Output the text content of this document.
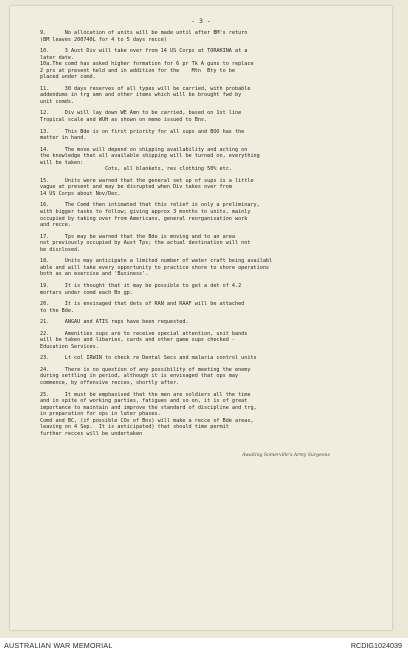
- 3 -
9.      No allocation of units will be made until after BM's return
(BM leaves 200740L for 4 to 5 days recce)
10.     3 Aust Div will take over from 14 US Corps at TORAKINA at a
later date.
10a.The comd has asked higher formation for 6 pr Tk A guns to replace
2 prs at present held and in addition for the    Mtn  Bty to be
placed under comd.
11.     30 days reserves of all types will be carried, with probable
addendums in trg amn and other items which will be brought fwd by
unit comds.
12.     Div will lay down WE Amn to be carried, based on 1st line
Tropical scale and WUH as shown on memo issued to Bns.
13.     This Bde is on first priority for all sups and BOO has the
matter in hand.
14.     The move will depend on shipping availability and acting on
the knowledge that all available shipping will be turned on, everything
will be taken:
Cots, all blankets, res clothing 50% etc.
15.     Units were warned that the general set up of sups is a little
vague at present and may be disrupted when Div takes over from
14 US Corps about Nov/Dec.
16.     The Comd then intimated that this relief is only a preliminary,
with bigger tasks to follow; giving approx 3 months to units, mainly
occupied by taking over from Americans, general reorganisation work
and recce.
17.     Tps may be warned that the Bde is moving and to an area
not previously occupied by Aust Tps; the actual destination will not
be disclosed.
18.     Units may anticipate a limited number of water craft being availabl
able and will take every opportunity to practice shore to shore operations
both as an exercise and 'Business'.
19.     It is thought that it may be possible to get a det of 4.2
mortars under comd each Bn gp.
20.     It is envisaged that dets of RAN and RAAF will be attached
to the Bde.
21.     ANGAU and ATIS reps have been requested.
22.     Amenities sups are to receive special attention, unit bands
will be taken and libaries, cards and other game sups checked -
Education Services.
23.     Lt col IRWIN to check re Dental Secs and malaria control units
24.     There is no question of any possibility of meeting the enemy
during settling in period, although it is envisaged that ops may
commence, by offensive recces, shortly after.
25.     It must be emphasised that the men are soldiers all the time
and in spite of working parties, fatigues and so on, it is of great
importance to maintain and improve the standard of discipline and trg,
in preparation for ops in later phases.
Comd and BC, (if possible COs of Bns) will make a recce of Bde areas,
leaving on 4 Sep.  It is anticipated) that should time permit
further recces will be undertaken
Awaiting Somerville's Army Surgeons
AUSTRALIAN WAR MEMORIAL	RCDIG1024039
